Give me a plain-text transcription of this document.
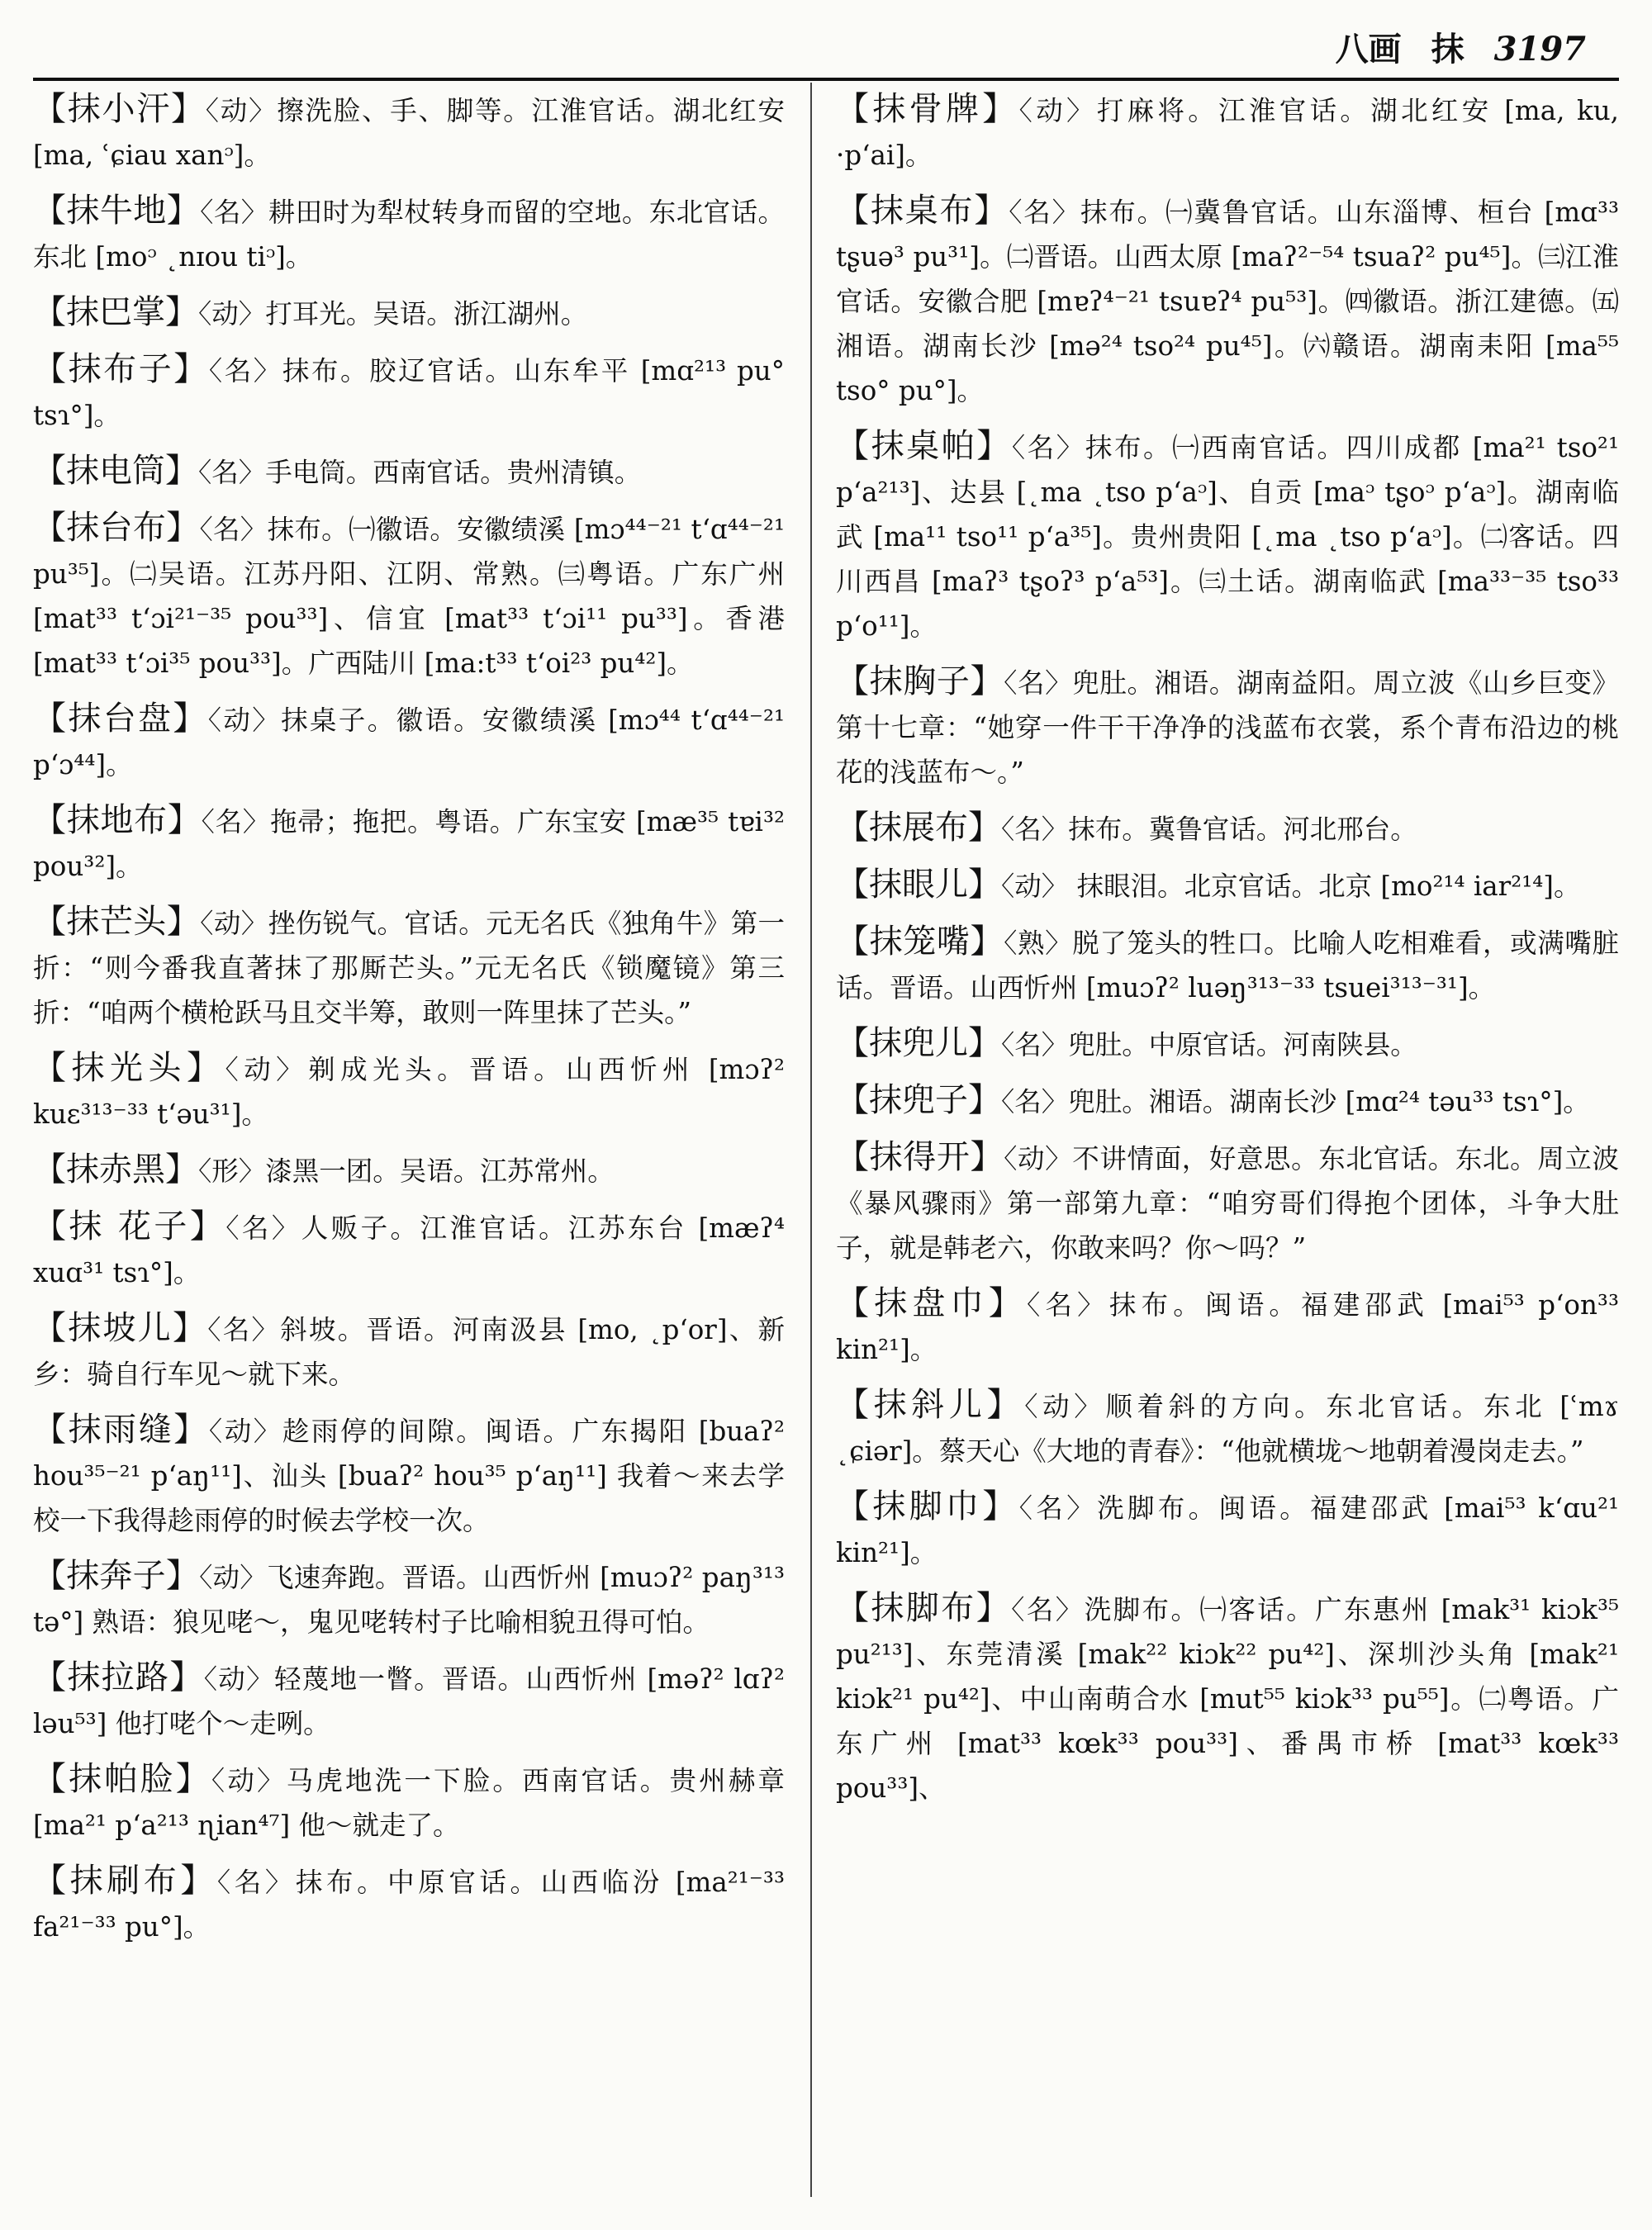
八画 抹 3197

【抹小汗】〈动〉擦洗脸、手、脚等。江淮官话。湖北红安 [ma, ʿɕiau xanᵓ]。

【抹牛地】〈名〉耕田时为犁杖转身而留的空地。东北官话。东北 [moᵓ ˛nɪou tiᵓ]。

【抹巴掌】〈动〉打耳光。吴语。浙江湖州。

【抹布子】〈名〉抹布。胶辽官话。山东牟平 [mɑ²¹³ pu° tsɿ°]。

【抹电筒】〈名〉手电筒。西南官话。贵州清镇。

【抹台布】〈名〉抹布。㈠徽语。安徽绩溪 [mɔ⁴⁴⁻²¹ tʻɑ⁴⁴⁻²¹ pu³⁵]。㈡吴语。江苏丹阳、江阴、常熟。㈢粤语。广东广州 [mat³³ tʻɔi²¹⁻³⁵ pou³³]、信宜 [mat³³ tʻɔi¹¹ pu³³]。香港 [mat³³ tʻɔi³⁵ pou³³]。广西陆川 [ma:t³³ tʻoi²³ pu⁴²]。

【抹台盘】〈动〉抹桌子。徽语。安徽绩溪 [mɔ⁴⁴ tʻɑ⁴⁴⁻²¹ pʻɔ⁴⁴]。

【抹地布】〈名〉拖帚；拖把。粤语。广东宝安 [mæ³⁵ tɐi³² pou³²]。

【抹芒头】〈动〉挫伤锐气。官话。元无名氏《独角牛》第一折：“则今番我直著抹了那厮芒头。”元无名氏《锁魔镜》第三折：“咱两个横枪跃马且交半筹，敢则一阵里抹了芒头。”

【抹光头】〈动〉剃成光头。晋语。山西忻州 [mɔʔ² kuɛ³¹³⁻³³ tʻəu³¹]。

【抹赤黑】〈形〉漆黑一团。吴语。江苏常州。

【抹 花子】〈名〉人贩子。江淮官话。江苏东台 [mæʔ⁴ xuɑ³¹ tsɿ°]。

【抹坡儿】〈名〉斜坡。晋语。河南汲县 [mo, ˛pʻor]、新乡：骑自行车见～就下来。

【抹雨缝】〈动〉趁雨停的间隙。闽语。广东揭阳 [buaʔ² hou³⁵⁻²¹ pʻaŋ¹¹]、汕头 [buaʔ² hou³⁵ pʻaŋ¹¹] 我着～来去学校一下我得趁雨停的时候去学校一次。

【抹奔子】〈动〉飞速奔跑。晋语。山西忻州 [muɔʔ² paŋ³¹³ tə°] 熟语：狼见咾～，鬼见咾转村子比喻相貌丑得可怕。

【抹拉路】〈动〉轻蔑地一瞥。晋语。山西忻州 [məʔ² lɑʔ² ləu⁵³] 他打咾个～走咧。

【抹帕脸】〈动〉马虎地洗一下脸。西南官话。贵州赫章 [ma²¹ pʻa²¹³ ɳian⁴⁷] 他～就走了。

【抹刷布】〈名〉抹布。中原官话。山西临汾 [ma²¹⁻³³ fa²¹⁻³³ pu°]。

【抹骨牌】〈动〉打麻将。江淮官话。湖北红安 [ma, ku, ·pʻai]。

【抹桌布】〈名〉抹布。㈠冀鲁官话。山东淄博、桓台 [mɑ³³ tʂuə³ pu³¹]。㈡晋语。山西太原 [maʔ²⁻⁵⁴ tsuaʔ² pu⁴⁵]。㈢江淮官话。安徽合肥 [mɐʔ⁴⁻²¹ tsuɐʔ⁴ pu⁵³]。㈣徽语。浙江建德。㈤湘语。湖南长沙 [mə²⁴ tso²⁴ pu⁴⁵]。㈥赣语。湖南耒阳 [ma⁵⁵ tso° pu°]。

【抹桌帕】〈名〉抹布。㈠西南官话。四川成都 [ma²¹ tso²¹ pʻa²¹³]、达县 [˛ma ˛tso pʻaᵓ]、自贡 [maᵓ tʂoᵓ pʻaᵓ]。湖南临武 [ma¹¹ tso¹¹ pʻa³⁵]。贵州贵阳 [˛ma ˛tso pʻaᵓ]。㈡客话。四川西昌 [maʔ³ tʂoʔ³ pʻa⁵³]。㈢土话。湖南临武 [ma³³⁻³⁵ tso³³ pʻo¹¹]。

【抹胸子】〈名〉兜肚。湘语。湖南益阳。周立波《山乡巨变》第十七章：“她穿一件干干净净的浅蓝布衣裳，系个青布沿边的桃花的浅蓝布～。”

【抹展布】〈名〉抹布。冀鲁官话。河北邢台。

【抹眼儿】〈动〉 抹眼泪。北京官话。北京 [mo²¹⁴ iar²¹⁴]。

【抹笼嘴】〈熟〉脱了笼头的牲口。比喻人吃相难看，或满嘴脏话。晋语。山西忻州 [muɔʔ² luəŋ³¹³⁻³³ tsuei³¹³⁻³¹]。

【抹兜儿】〈名〉兜肚。中原官话。河南陕县。

【抹兜子】〈名〉兜肚。湘语。湖南长沙 [mɑ²⁴ təu³³ tsɿ°]。

【抹得开】〈动〉不讲情面，好意思。东北官话。东北。周立波《暴风骤雨》第一部第九章：“咱穷哥们得抱个团体，斗争大肚子，就是韩老六，你敢来吗？你～吗？”

【抹盘巾】〈名〉抹布。闽语。福建邵武 [mai⁵³ pʻon³³ kin²¹]。

【抹斜儿】〈动〉顺着斜的方向。东北官话。东北 [ʿmɤ ˛ɕiər]。蔡天心《大地的青春》：“他就横垅～地朝着漫岗走去。”

【抹脚巾】〈名〉洗脚布。闽语。福建邵武 [mai⁵³ kʻɑu²¹ kin²¹]。

【抹脚布】〈名〉洗脚布。㈠客话。广东惠州 [mak³¹ kiɔk³⁵ pu²¹³]、东莞清溪 [mak²² kiɔk²² pu⁴²]、深圳沙头角 [mak²¹ kiɔk²¹ pu⁴²]、中山南萌合水 [mut⁵⁵ kiɔk³³ pu⁵⁵]。㈡粤语。广东广州 [mat³³ kœk³³ pou³³]、番禺市桥 [mat³³ kœk³³ pou³³]、
